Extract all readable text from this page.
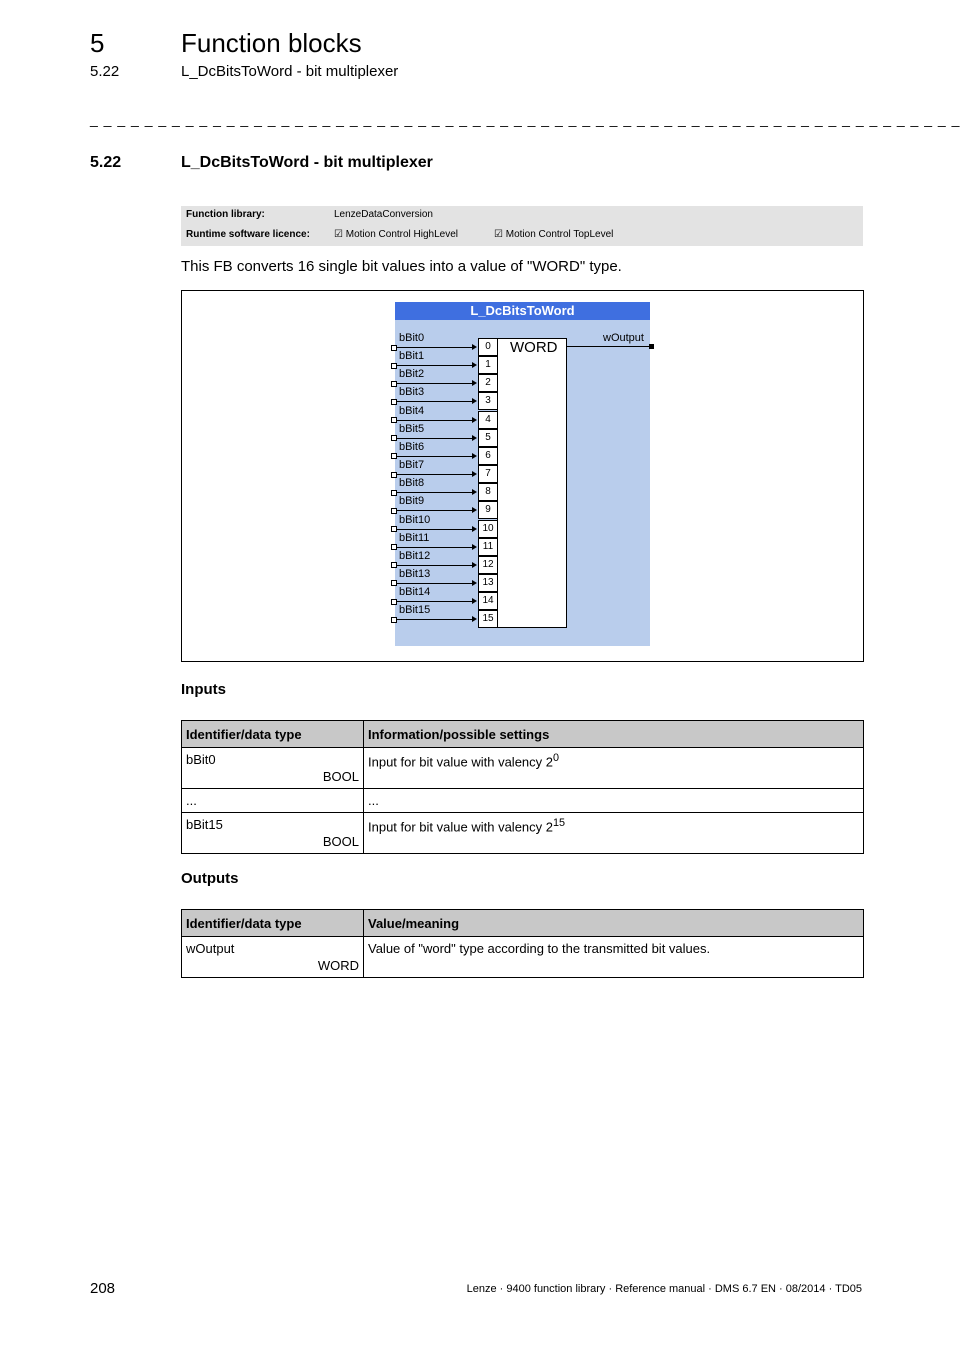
5	Function blocks
5.22	L_DcBitsToWord - bit multiplexer
_ _ _ _ _ _ _ _ _ _ _ _ _ _ _ _ _ _ _ _ _ _ _ _ _ _ _ _ _ _ _ _ _ _ _ _ _ _ _ _ _ _ _ _ _ _ _ _ _ _ _ _ _ _ _ _ _ _ _ _ _ _ _ _
5.22	L_DcBitsToWord - bit multiplexer
Function library:	LenzeDataConversion
Runtime software licence: ☑ Motion Control HighLevel	☑ Motion Control TopLevel
This FB converts 16 single bit values into a value of "WORD" type.
L_DcBitsToWord
WORD
bBit0
0
bBit1
1
bBit2
2
bBit3
3
bBit4
4
bBit5
5
bBit6
6
bBit7
7
bBit8
8
bBit9
9
bBit10
10
bBit11
11
bBit12
12
bBit13
13
bBit14
14
bBit15
15
wOutput
Inputs
Identifier/data type	Information/possible settings
bBit0
BOOL	Input for bit value with valency $2^0$
...	...
bBit15
BOOL	Input for bit value with valency $2^{15}$
Outputs
Identifier/data type	Value/meaning
wOutput
WORD	Value of "word" type according to the transmitted bit values.
208	Lenze · 9400 function library · Reference manual · DMS 6.7 EN · 08/2014 · TD05
